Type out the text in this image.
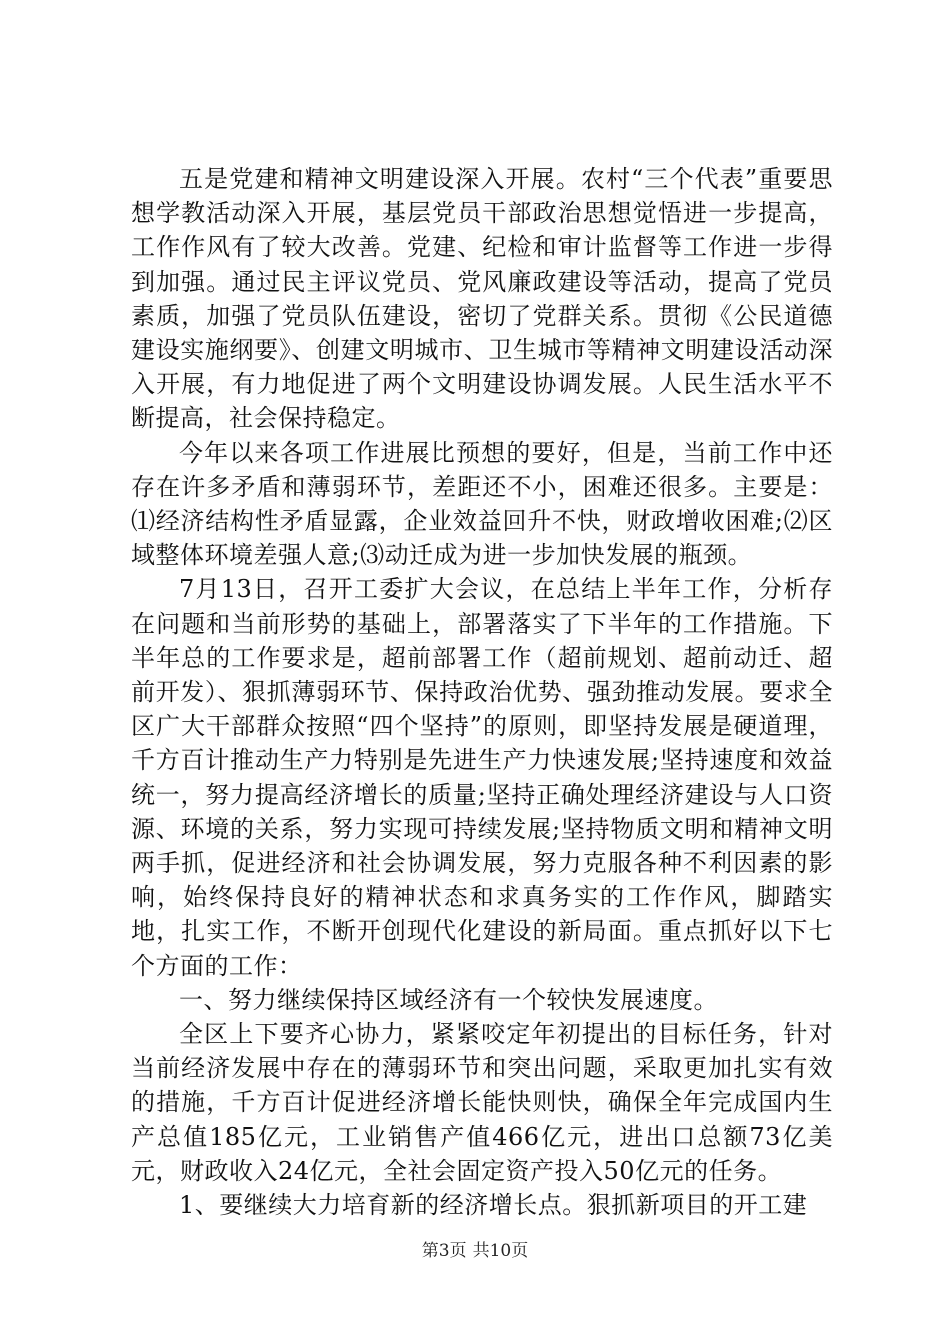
五是党建和精神文明建设深入开展。农村“三个代表”重要思想学教活动深入开展，基层党员干部政治思想觉悟进一步提高，工作作风有了较大改善。党建、纪检和审计监督等工作进一步得到加强。通过民主评议党员、党风廉政建设等活动，提高了党员素质，加强了党员队伍建设，密切了党群关系。贯彻《公民道德建设实施纲要》、创建文明城市、卫生城市等精神文明建设活动深入开展，有力地促进了两个文明建设协调发展。人民生活水平不断提高，社会保持稳定。

今年以来各项工作进展比预想的要好，但是，当前工作中还存在许多矛盾和薄弱环节，差距还不小，困难还很多。主要是：⑴经济结构性矛盾显露，企业效益回升不快，财政增收困难;⑵区域整体环境差强人意;⑶动迁成为进一步加快发展的瓶颈。

7月13日，召开工委扩大会议，在总结上半年工作，分析存在问题和当前形势的基础上，部署落实了下半年的工作措施。下半年总的工作要求是，超前部署工作（超前规划、超前动迁、超前开发）、狠抓薄弱环节、保持政治优势、强劲推动发展。要求全区广大干部群众按照“四个坚持”的原则，即坚持发展是硬道理，千方百计推动生产力特别是先进生产力快速发展;坚持速度和效益统一，努力提高经济增长的质量;坚持正确处理经济建设与人口资源、环境的关系，努力实现可持续发展;坚持物质文明和精神文明两手抓，促进经济和社会协调发展，努力克服各种不利因素的影响，始终保持良好的精神状态和求真务实的工作作风，脚踏实地，扎实工作，不断开创现代化建设的新局面。重点抓好以下七个方面的工作：

一、努力继续保持区域经济有一个较快发展速度。

全区上下要齐心协力，紧紧咬定年初提出的目标任务，针对当前经济发展中存在的薄弱环节和突出问题，采取更加扎实有效的措施，千方百计促进经济增长能快则快，确保全年完成国内生产总值185亿元，工业销售产值466亿元，进出口总额73亿美元，财政收入24亿元，全社会固定资产投入50亿元的任务。

1、要继续大力培育新的经济增长点。狠抓新项目的开工建

第3页 共10页
